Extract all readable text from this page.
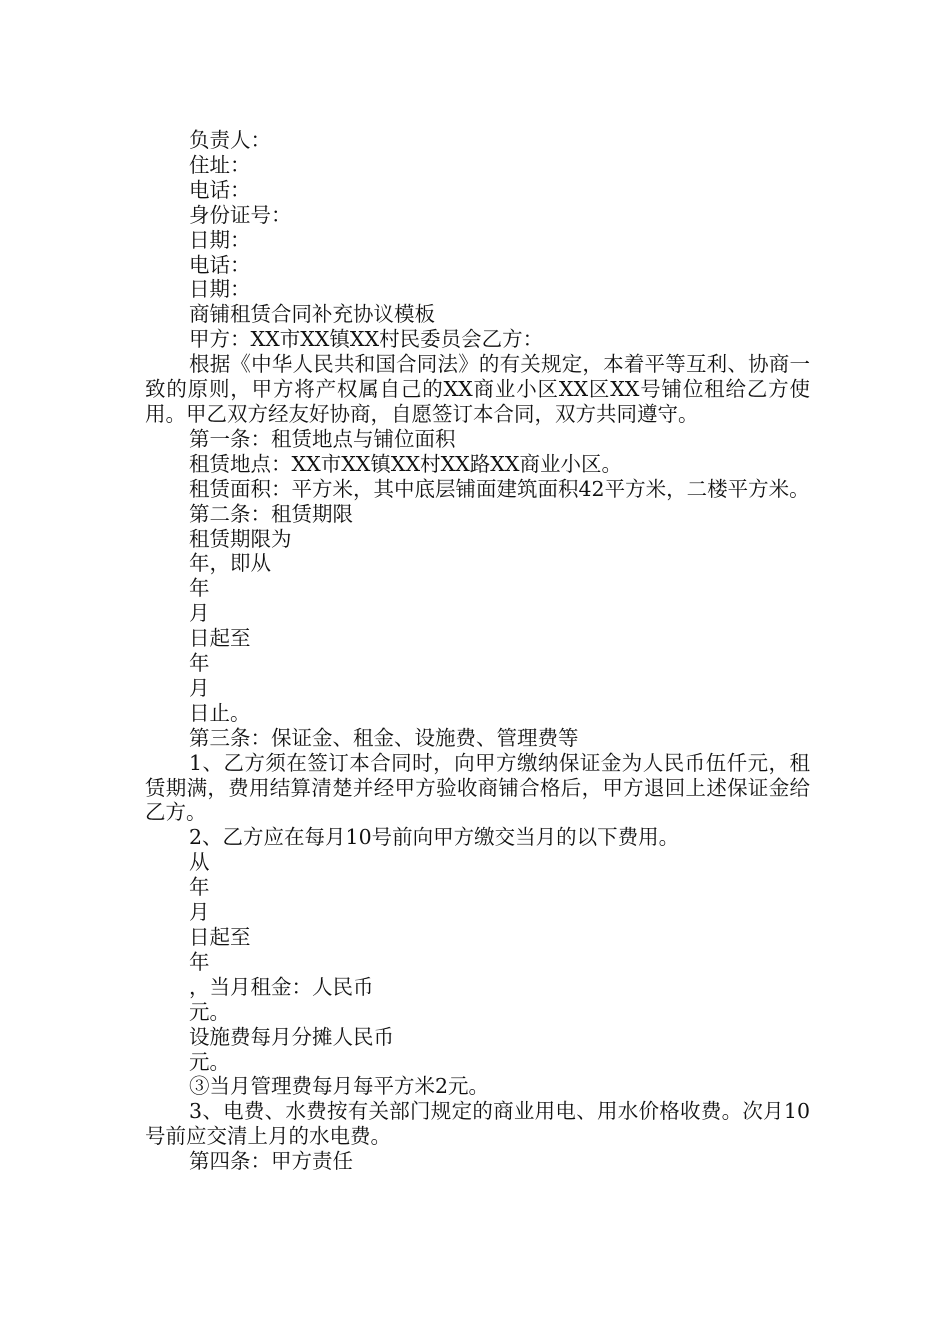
负责人：

住址：

电话：

身份证号：

日期：

电话：

日期：

商铺租赁合同补充协议模板

甲方：XX市XX镇XX村民委员会乙方：

根据《中华人民共和国合同法》的有关规定，本着平等互利、协商一致的原则，甲方将产权属自己的XX商业小区XX区XX号铺位租给乙方使用。甲乙双方经友好协商，自愿签订本合同，双方共同遵守。

第一条：租赁地点与铺位面积

租赁地点：XX市XX镇XX村XX路XX商业小区。

租赁面积：平方米，其中底层铺面建筑面积42平方米，二楼平方米。

第二条：租赁期限

租赁期限为

年，即从

年

月

日起至

年

月

日止。

第三条：保证金、租金、设施费、管理费等

1、乙方须在签订本合同时，向甲方缴纳保证金为人民币伍仟元，租赁期满，费用结算清楚并经甲方验收商铺合格后，甲方退回上述保证金给乙方。

2、乙方应在每月10号前向甲方缴交当月的以下费用。

从

年

月

日起至

年

，当月租金：人民币

元。

设施费每月分摊人民币

元。

③当月管理费每月每平方米2元。

3、电费、水费按有关部门规定的商业用电、用水价格收费。次月10号前应交清上月的水电费。

第四条：甲方责任
